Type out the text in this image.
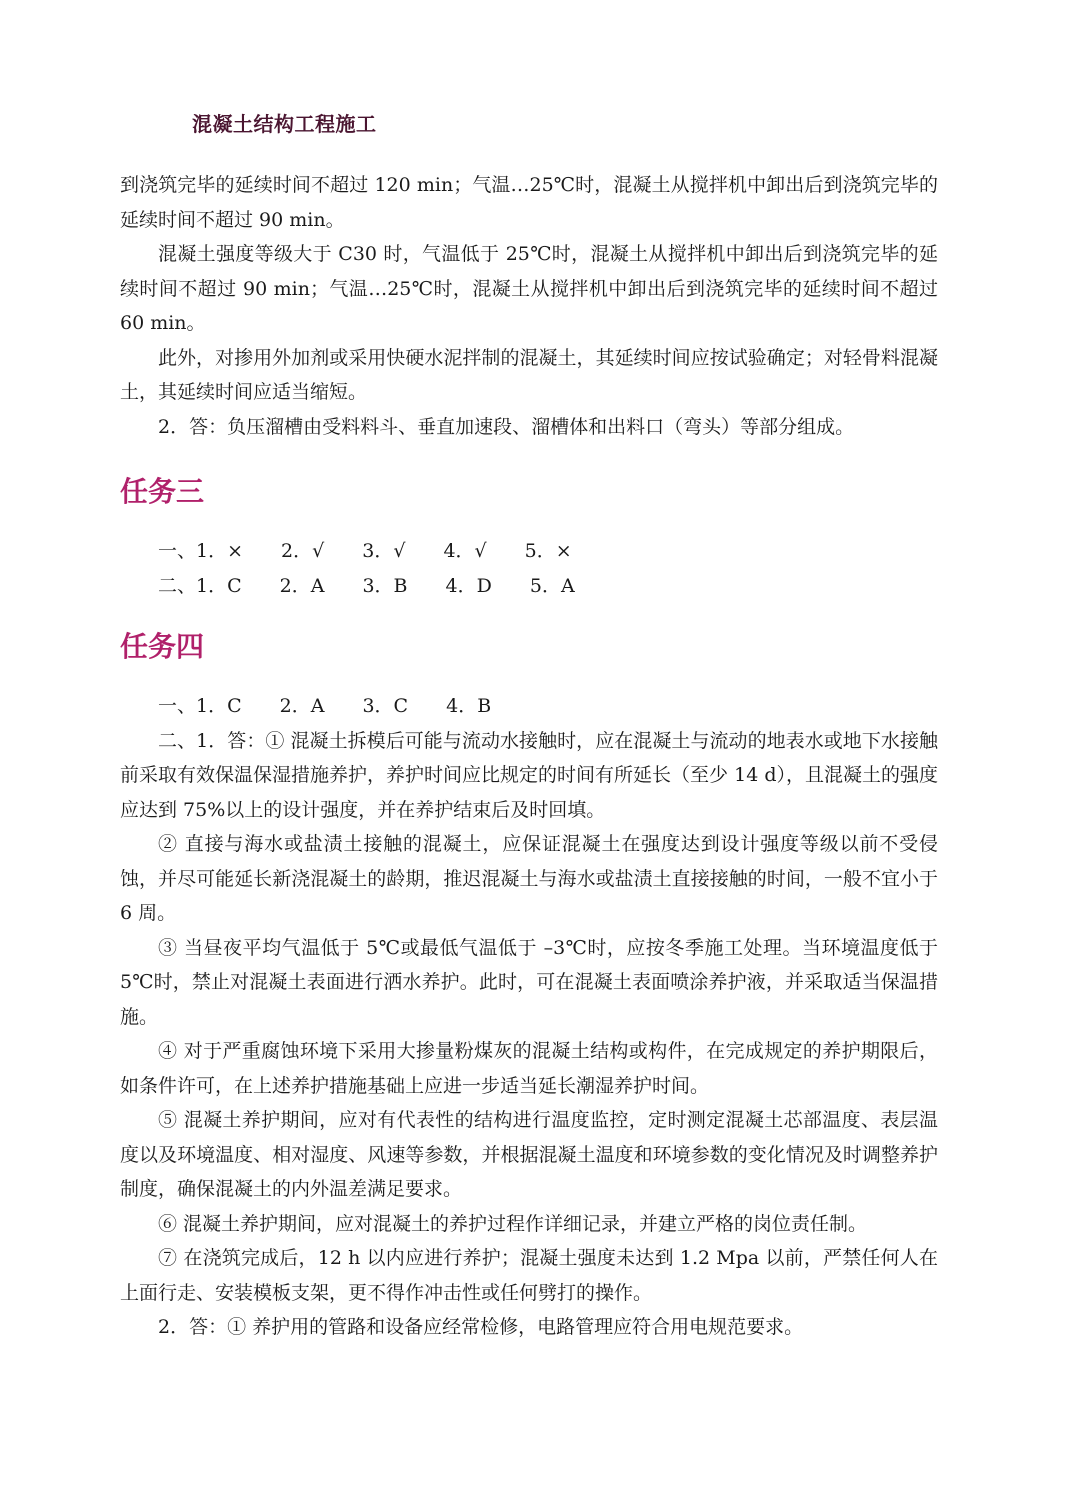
混凝土结构工程施工

到浇筑完毕的延续时间不超过 120 min；气温…25℃时，混凝土从搅拌机中卸出后到浇筑完毕的延续时间不超过 90 min。

混凝土强度等级大于 C30 时，气温低于 25℃时，混凝土从搅拌机中卸出后到浇筑完毕的延续时间不超过 90 min；气温…25℃时，混凝土从搅拌机中卸出后到浇筑完毕的延续时间不超过 60 min。

此外，对掺用外加剂或采用快硬水泥拌制的混凝土，其延续时间应按试验确定；对轻骨料混凝土，其延续时间应适当缩短。

2．答：负压溜槽由受料料斗、垂直加速段、溜槽体和出料口（弯头）等部分组成。

任务三
一、1．× 2．√ 3．√ 4．√ 5．×
二、1．C 2．A 3．B 4．D 5．A
任务四
一、1．C 2．A 3．C 4．B

二、1．答：① 混凝土拆模后可能与流动水接触时，应在混凝土与流动的地表水或地下水接触前采取有效保温保湿措施养护，养护时间应比规定的时间有所延长（至少 14 d），且混凝土的强度应达到 75%以上的设计强度，并在养护结束后及时回填。

② 直接与海水或盐渍土接触的混凝土，应保证混凝土在强度达到设计强度等级以前不受侵蚀，并尽可能延长新浇混凝土的龄期，推迟混凝土与海水或盐渍土直接接触的时间，一般不宜小于 6 周。

③ 当昼夜平均气温低于 5℃或最低气温低于 –3℃时，应按冬季施工处理。当环境温度低于 5℃时，禁止对混凝土表面进行洒水养护。此时，可在混凝土表面喷涂养护液，并采取适当保温措施。

④ 对于严重腐蚀环境下采用大掺量粉煤灰的混凝土结构或构件，在完成规定的养护期限后，如条件许可，在上述养护措施基础上应进一步适当延长潮湿养护时间。

⑤ 混凝土养护期间，应对有代表性的结构进行温度监控，定时测定混凝土芯部温度、表层温度以及环境温度、相对湿度、风速等参数，并根据混凝土温度和环境参数的变化情况及时调整养护制度，确保混凝土的内外温差满足要求。

⑥ 混凝土养护期间，应对混凝土的养护过程作详细记录，并建立严格的岗位责任制。

⑦ 在浇筑完成后，12 h 以内应进行养护；混凝土强度未达到 1.2 Mpa 以前，严禁任何人在上面行走、安装模板支架，更不得作冲击性或任何劈打的操作。

2．答：① 养护用的管路和设备应经常检修，电路管理应符合用电规范要求。
